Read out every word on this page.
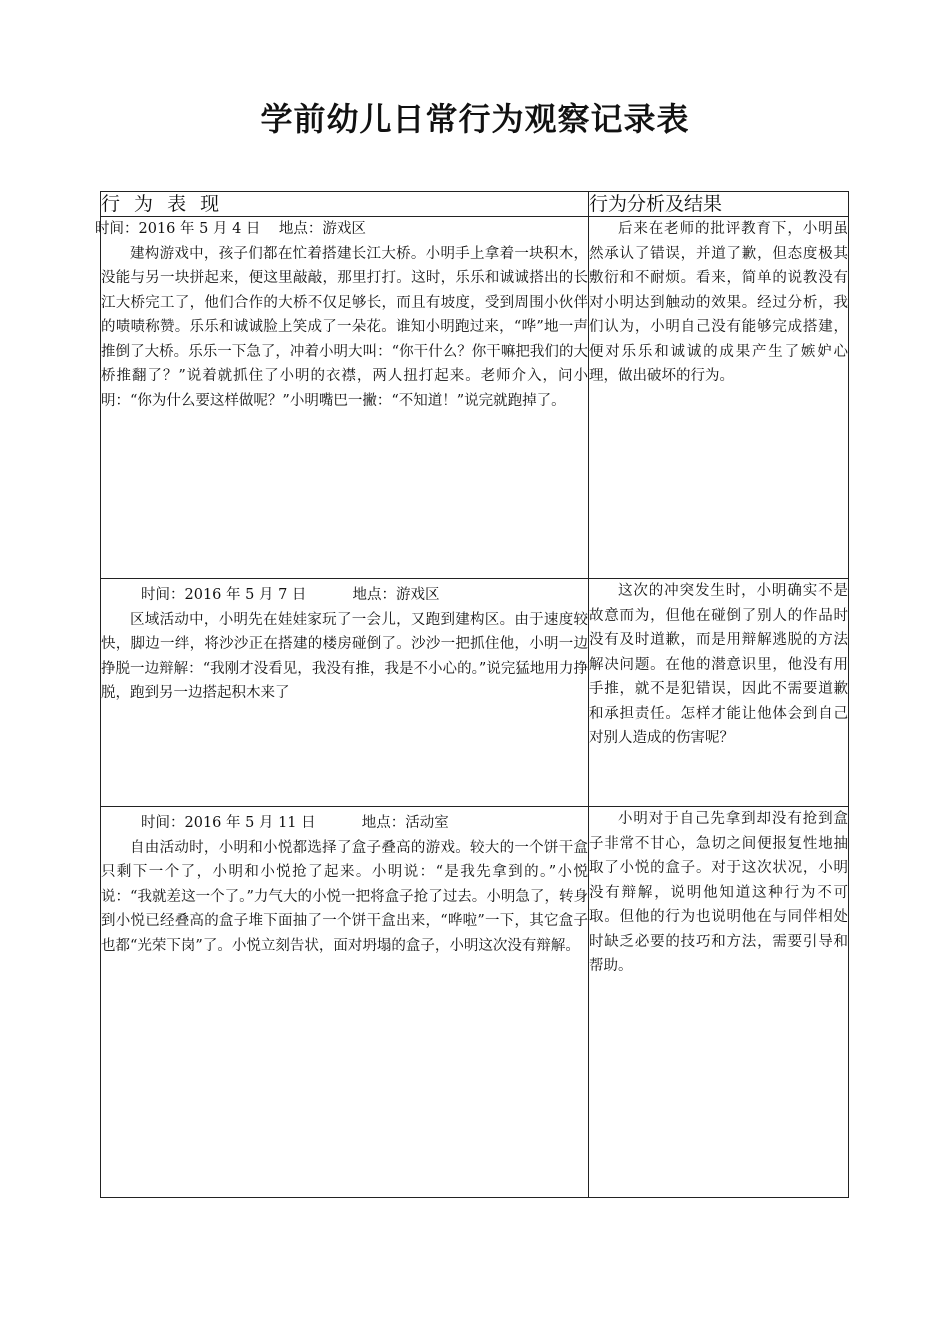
学前幼儿日常行为观察记录表
行 为 表 现	行为分析及结果

时间：2016 年 5 月 4 日    地点：游戏区

建构游戏中，孩子们都在忙着搭建长江大桥。小明手上拿着一块积木，没能与另一块拼起来，便这里敲敲，那里打打。这时，乐乐和诚诚搭出的长江大桥完工了，他们合作的大桥不仅足够长，而且有坡度，受到周围小伙伴的啧啧称赞。乐乐和诚诚脸上笑成了一朵花。谁知小明跑过来，“哗”地一声推倒了大桥。乐乐一下急了，冲着小明大叫：“你干什么？你干嘛把我们的大桥推翻了？”说着就抓住了小明的衣襟，两人扭打起来。老师介入，问小明：“你为什么要这样做呢？”小明嘴巴一撇：“不知道！”说完就跑掉了。	后来在老师的批评教育下，小明虽然承认了错误，并道了歉，但态度极其敷衍和不耐烦。看来，简单的说教没有对小明达到触动的效果。经过分析，我们认为，小明自己没有能够完成搭建，便对乐乐和诚诚的成果产生了嫉妒心理，做出破坏的行为。

时间：2016 年 5 月 7 日          地点：游戏区

区域活动中，小明先在娃娃家玩了一会儿，又跑到建构区。由于速度较快，脚边一绊，将沙沙正在搭建的楼房碰倒了。沙沙一把抓住他，小明一边挣脱一边辩解：“我刚才没看见，我没有推，我是不小心的。”说完猛地用力挣脱，跑到另一边搭起积木来了	这次的冲突发生时，小明确实不是故意而为，但他在碰倒了别人的作品时没有及时道歉，而是用辩解逃脱的方法解决问题。在他的潜意识里，他没有用手推，就不是犯错误，因此不需要道歉和承担责任。怎样才能让他体会到自己对别人造成的伤害呢？

时间：2016 年 5 月 11 日          地点：活动室

自由活动时，小明和小悦都选择了盒子叠高的游戏。较大的一个饼干盒只剩下一个了，小明和小悦抢了起来。小明说：“是我先拿到的。”小悦说：“我就差这一个了。”力气大的小悦一把将盒子抢了过去。小明急了，转身到小悦已经叠高的盒子堆下面抽了一个饼干盒出来，“哗啦”一下，其它盒子也都“光荣下岗”了。小悦立刻告状，面对坍塌的盒子，小明这次没有辩解。	小明对于自己先拿到却没有抢到盒子非常不甘心，急切之间便报复性地抽取了小悦的盒子。对于这次状况，小明没有辩解，说明他知道这种行为不可取。但他的行为也说明他在与同伴相处时缺乏必要的技巧和方法，需要引导和帮助。
